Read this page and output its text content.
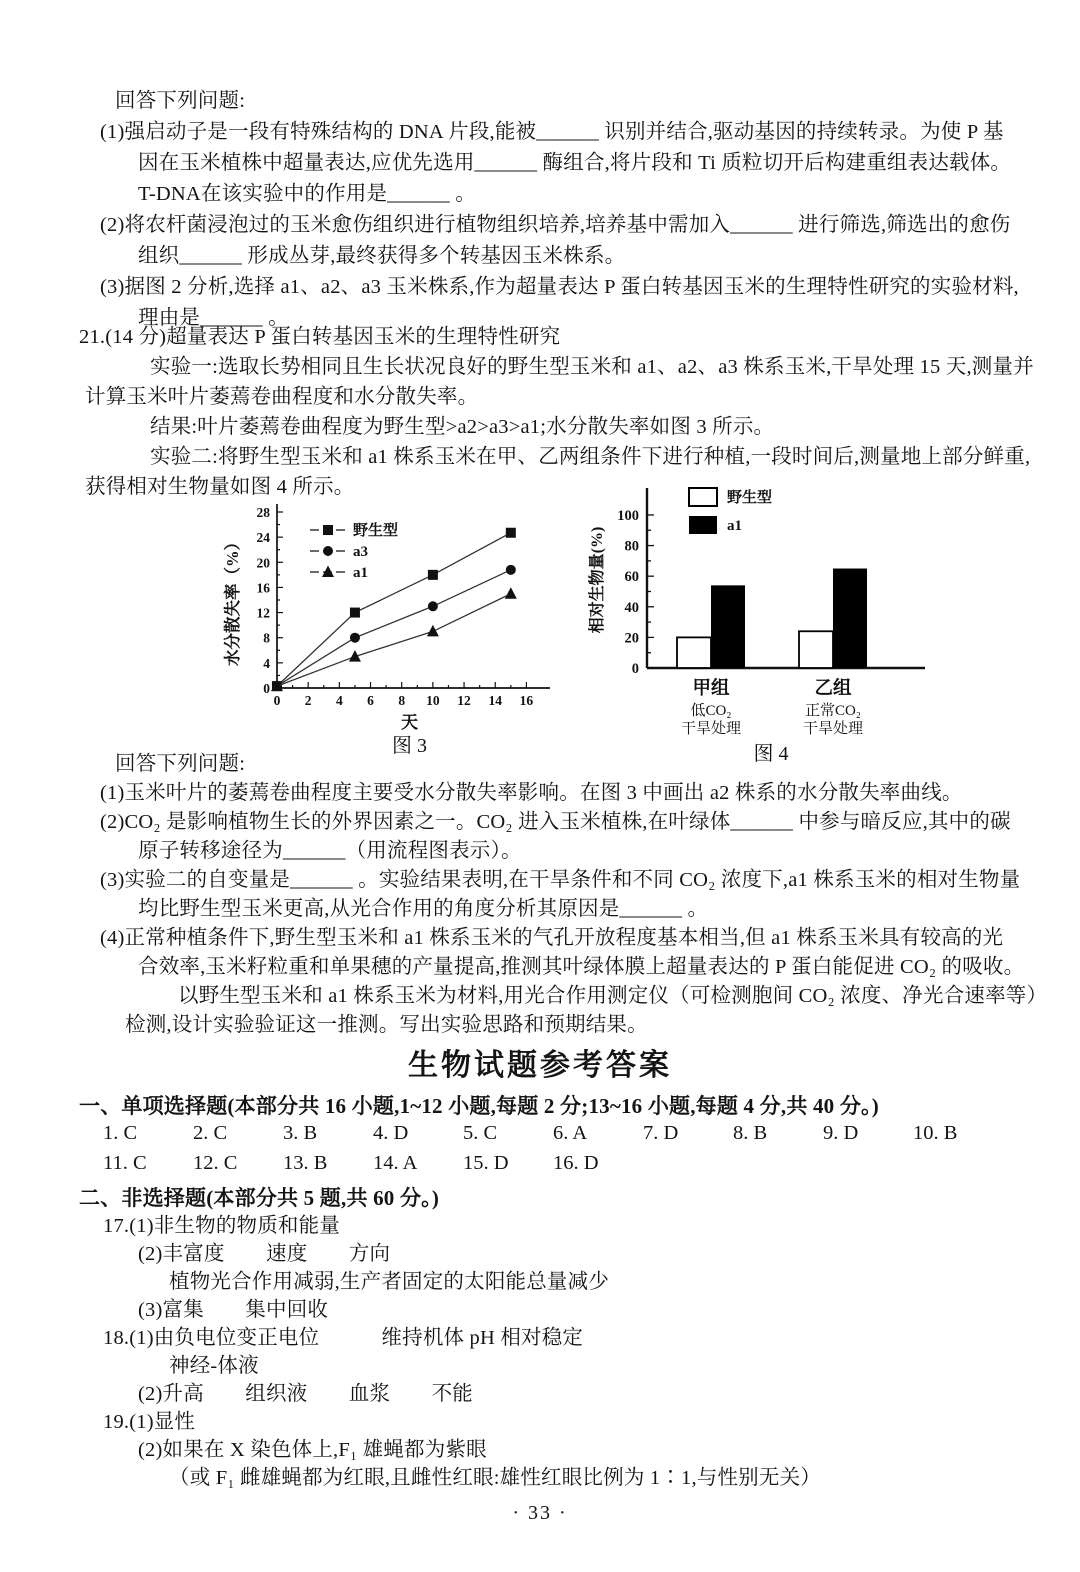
回答下列问题:
(1)强启动子是一段有特殊结构的 DNA 片段,能被______ 识别并结合,驱动基因的持续转录。为使 P 基
因在玉米植株中超量表达,应优先选用______ 酶组合,将片段和 Ti 质粒切开后构建重组表达载体。
T-DNA在该实验中的作用是______ 。
(2)将农杆菌浸泡过的玉米愈伤组织进行植物组织培养,培养基中需加入______ 进行筛选,筛选出的愈伤
组织______ 形成丛芽,最终获得多个转基因玉米株系。
(3)据图 2 分析,选择 a1、a2、a3 玉米株系,作为超量表达 P 蛋白转基因玉米的生理特性研究的实验材料,
理由是______ 。
21.(14 分)超量表达 P 蛋白转基因玉米的生理特性研究
实验一:选取长势相同且生长状况良好的野生型玉米和 a1、a2、a3 株系玉米,干旱处理 15 天,测量并
计算玉米叶片萎蔫卷曲程度和水分散失率。
结果:叶片萎蔫卷曲程度为野生型>a2>a3>a1;水分散失率如图 3 所示。
实验二:将野生型玉米和 a1 株系玉米在甲、乙两组条件下进行种植,一段时间后,测量地上部分鲜重,
获得相对生物量如图 4 所示。
0 2 4 6 8 10 12 14 16
0
4
8
12
16
20
24
28
野生型
a3
a1
水分散失率（%）
天
图 3
0
20
40
60
80
100
甲组
低CO₂
干旱处理
乙组
正常CO₂
干旱处理
野生型
a1
相对生物量(%)
图 4
回答下列问题:
(1)玉米叶片的萎蔫卷曲程度主要受水分散失率影响。在图 3 中画出 a2 株系的水分散失率曲线。
(2)CO₂ 是影响植物生长的外界因素之一。CO₂ 进入玉米植株,在叶绿体______ 中参与暗反应,其中的碳
原子转移途径为______（用流程图表示）。
(3)实验二的自变量是______ 。实验结果表明,在干旱条件和不同 CO₂ 浓度下,a1 株系玉米的相对生物量
均比野生型玉米更高,从光合作用的角度分析其原因是______ 。
(4)正常种植条件下,野生型玉米和 a1 株系玉米的气孔开放程度基本相当,但 a1 株系玉米具有较高的光
合效率,玉米籽粒重和单果穗的产量提高,推测其叶绿体膜上超量表达的 P 蛋白能促进 CO₂ 的吸收。
以野生型玉米和 a1 株系玉米为材料,用光合作用测定仪（可检测胞间 CO₂ 浓度、净光合速率等）
检测,设计实验验证这一推测。写出实验思路和预期结果。
生物试题参考答案
一、单项选择题(本部分共 16 小题,1~12 小题,每题 2 分;13~16 小题,每题 4 分,共 40 分。)
1. C	2. C	3. B	4. D	5. C	6. A	7. D	8. B	9. D	10. B
11. C	12. C	13. B	14. A	15. D	16. D
二、非选择题(本部分共 5 题,共 60 分。)
17.(1)非生物的物质和能量
(2)丰富度　　速度　　方向
植物光合作用减弱,生产者固定的太阳能总量减少
(3)富集　　集中回收
18.(1)由负电位变正电位　　　维持机体 pH 相对稳定
神经-体液
(2)升高　　组织液　　血浆　　不能
19.(1)显性
(2)如果在 X 染色体上,F₁ 雄蝇都为紫眼
（或 F₁ 雌雄蝇都为红眼,且雌性红眼:雄性红眼比例为 1∶1,与性别无关）
· 33 ·
